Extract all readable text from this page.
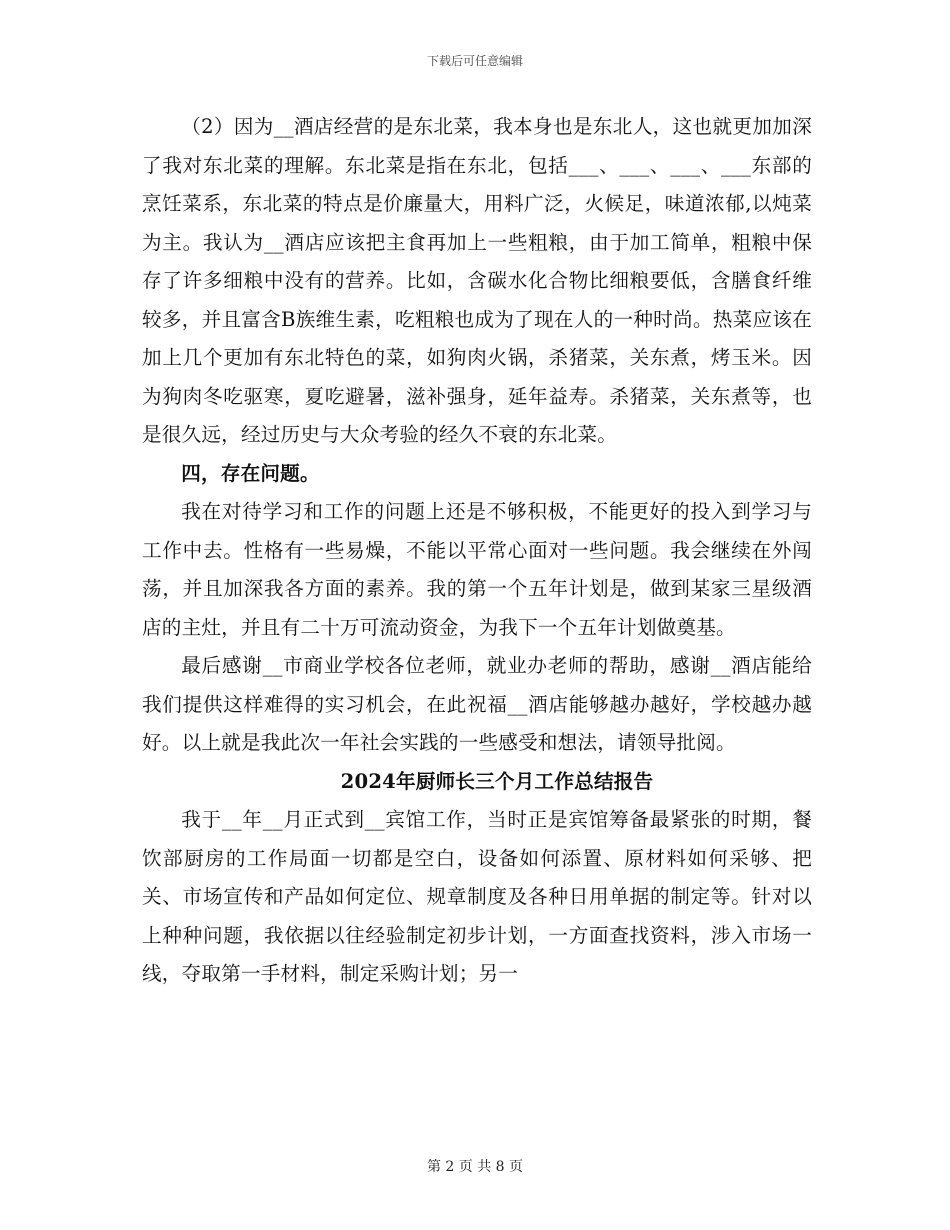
下载后可任意编辑

（2）因为__酒店经营的是东北菜，我本身也是东北人，这也就更加加深了我对东北菜的理解。东北菜是指在东北，包括___、___、___、___东部的烹饪菜系，东北菜的特点是价廉量大，用料广泛，火候足，味道浓郁,以炖菜为主。我认为__酒店应该把主食再加上一些粗粮，由于加工简单，粗粮中保存了许多细粮中没有的营养。比如，含碳水化合物比细粮要低，含膳食纤维较多，并且富含B族维生素，吃粗粮也成为了现在人的一种时尚。热菜应该在加上几个更加有东北特色的菜，如狗肉火锅，杀猪菜，关东煮，烤玉米。因为狗肉冬吃驱寒，夏吃避暑，滋补强身，延年益寿。杀猪菜，关东煮等，也是很久远，经过历史与大众考验的经久不衰的东北菜。

四，存在问题。

我在对待学习和工作的问题上还是不够积极，不能更好的投入到学习与工作中去。性格有一些易燥，不能以平常心面对一些问题。我会继续在外闯荡，并且加深我各方面的素养。我的第一个五年计划是，做到某家三星级酒店的主灶，并且有二十万可流动资金，为我下一个五年计划做奠基。

最后感谢__市商业学校各位老师，就业办老师的帮助，感谢__酒店能给我们提供这样难得的实习机会，在此祝福__酒店能够越办越好，学校越办越好。以上就是我此次一年社会实践的一些感受和想法，请领导批阅。

2024年厨师长三个月工作总结报告

我于__年__月正式到__宾馆工作，当时正是宾馆筹备最紧张的时期，餐饮部厨房的工作局面一切都是空白，设备如何添置、原材料如何采够、把关、市场宣传和产品如何定位、规章制度及各种日用单据的制定等。针对以上种种问题，我依据以往经验制定初步计划，一方面查找资料，涉入市场一线，夺取第一手材料，制定采购计划；另一

第 2 页 共 8 页
